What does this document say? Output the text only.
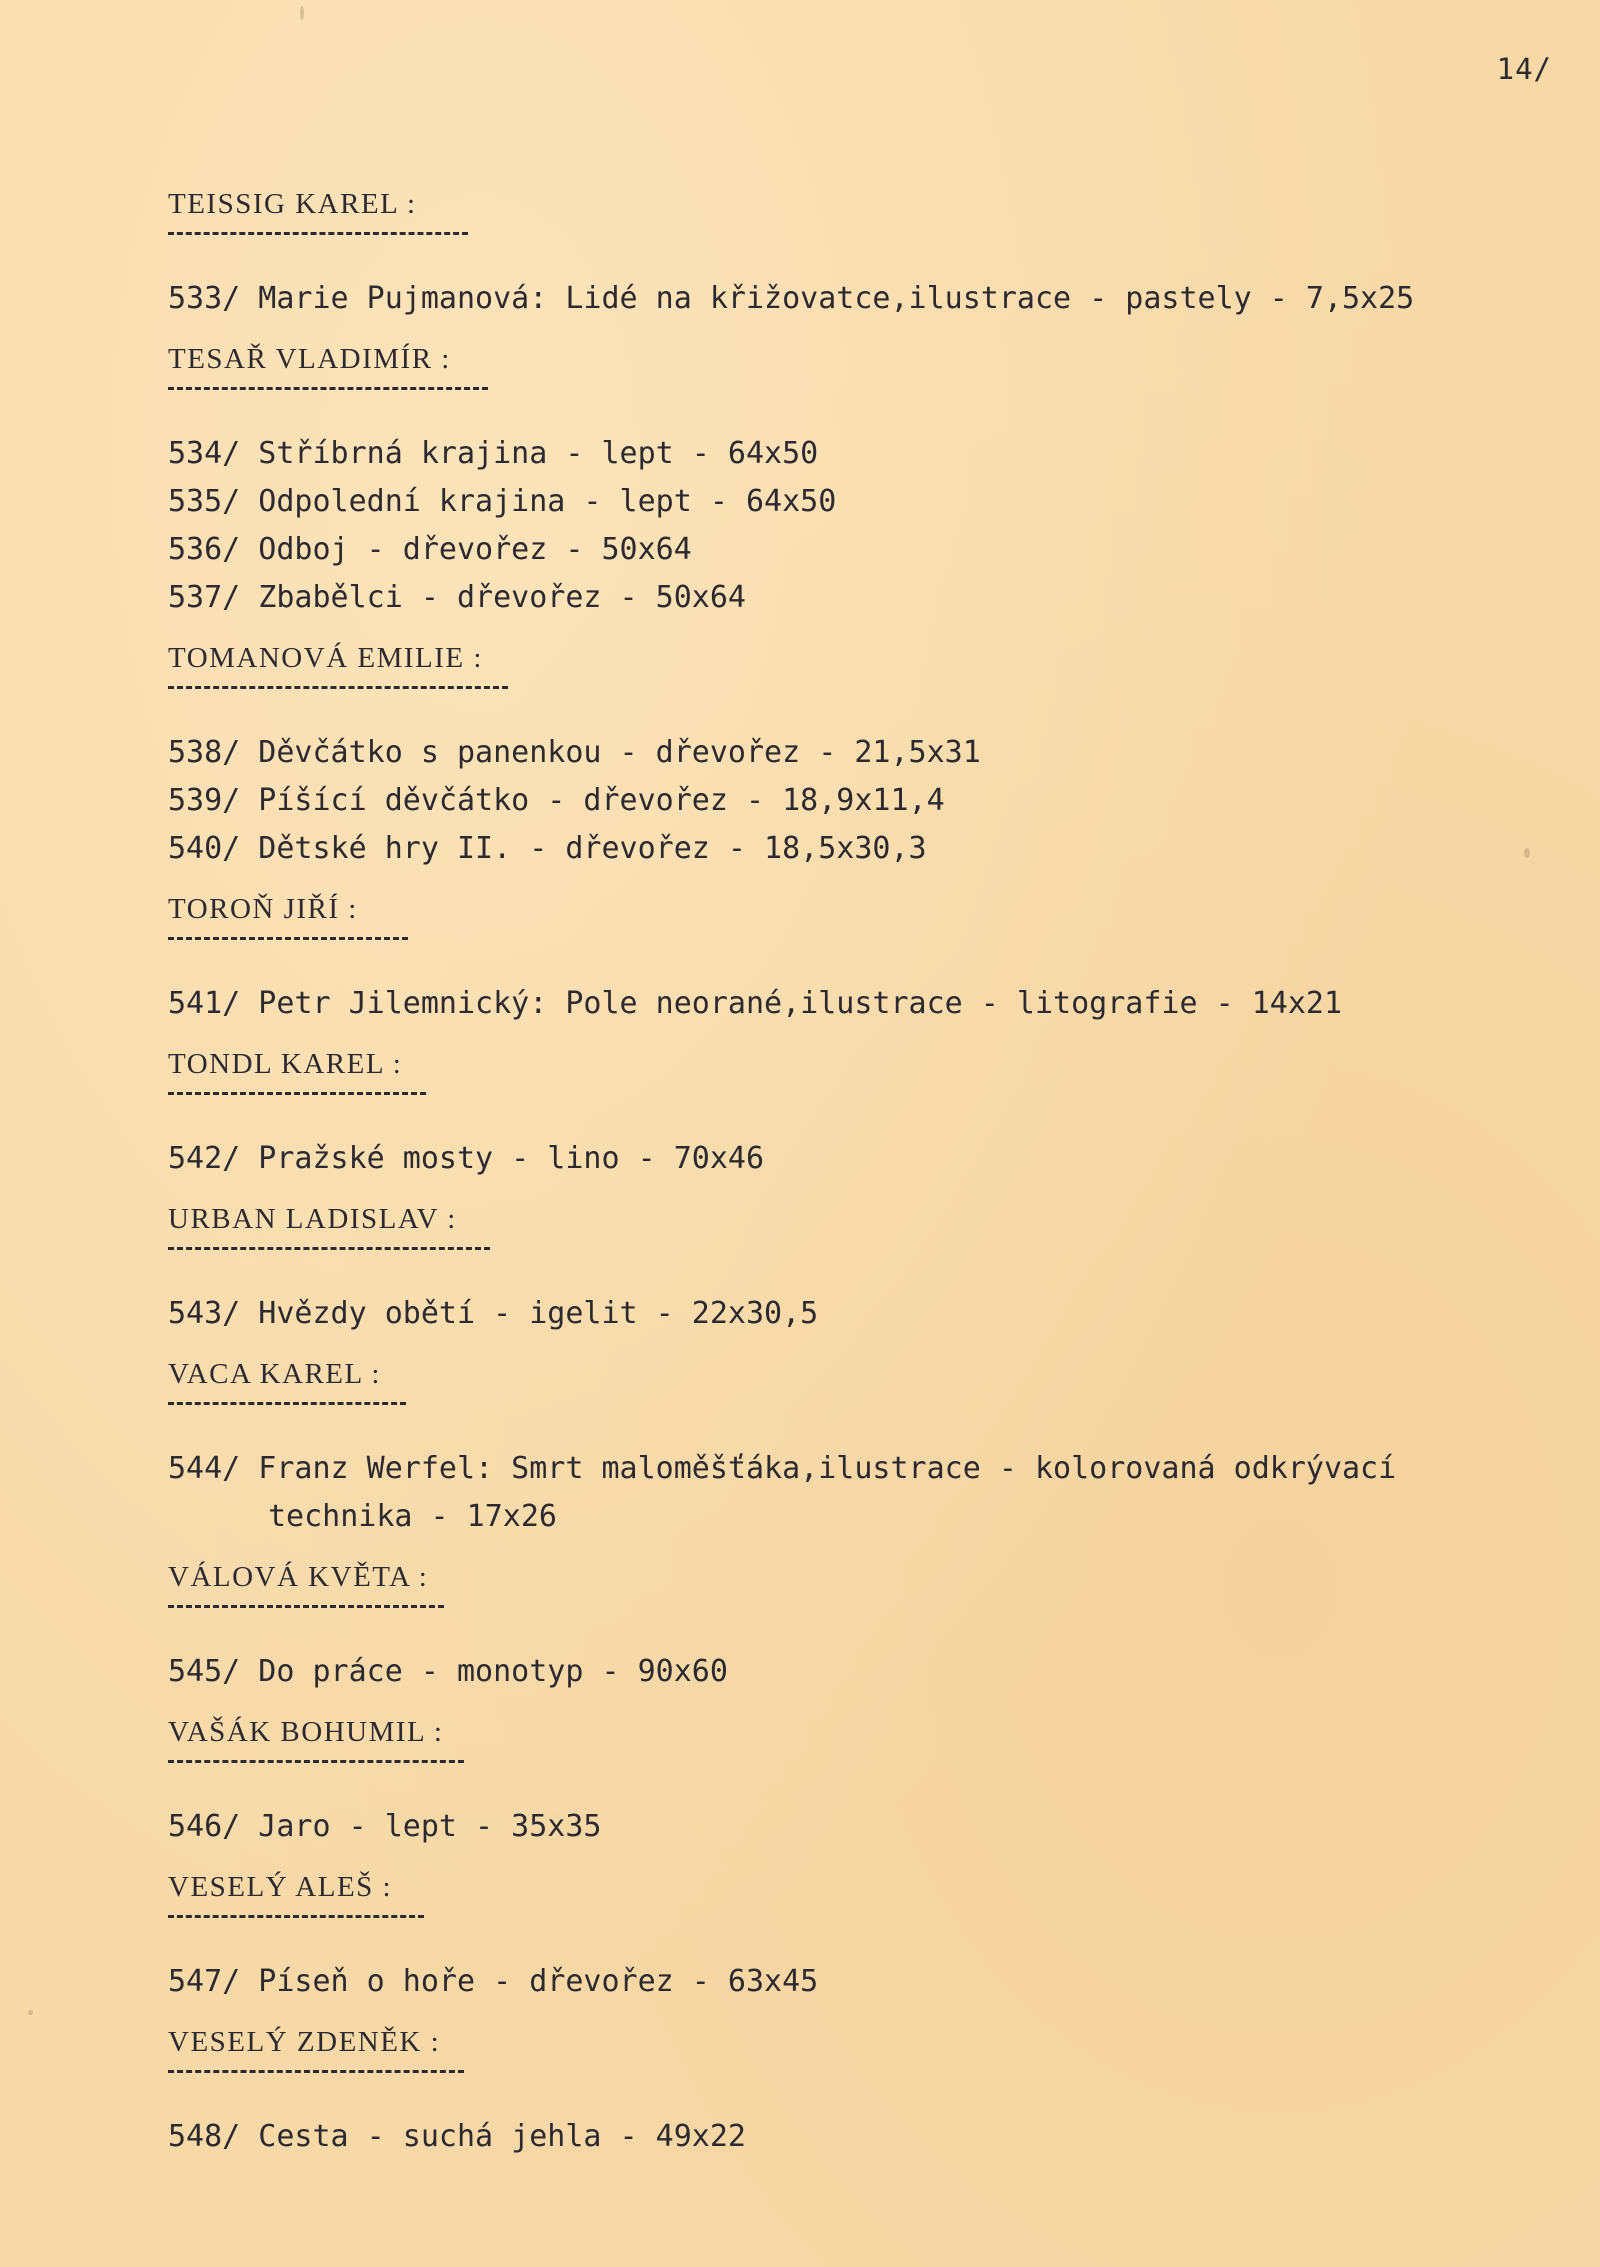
14/
TEISSIG KAREL :
533/ Marie Pujmanová: Lidé na křižovatce,ilustrace - pastely - 7,5x25
TESAŘ VLADIMÍR :
534/ Stříbrná krajina - lept - 64x50
535/ Odpolední krajina - lept - 64x50
536/ Odboj - dřevořez - 50x64
537/ Zbabělci - dřevořez - 50x64
TOMANOVÁ EMILIE :
538/ Děvčátko s panenkou - dřevořez - 21,5x31
539/ Píšící děvčátko - dřevořez - 18,9x11,4
540/ Dětské hry II. - dřevořez - 18,5x30,3
TOROŇ JIŘÍ :
541/ Petr Jilemnický: Pole neorané,ilustrace - litografie - 14x21
TONDL KAREL :
542/ Pražské mosty - lino - 70x46
URBAN LADISLAV :
543/ Hvězdy obětí - igelit - 22x30,5
VACA KAREL :
544/ Franz Werfel: Smrt maloměšťáka,ilustrace - kolorovaná odkrývací
technika - 17x26
VÁLOVÁ KVĚTA :
545/ Do práce - monotyp - 90x60
VAŠÁK BOHUMIL :
546/ Jaro - lept - 35x35
VESELÝ ALEŠ :
547/ Píseň o hoře - dřevořez - 63x45
VESELÝ ZDENĚK :
548/ Cesta - suchá jehla - 49x22
